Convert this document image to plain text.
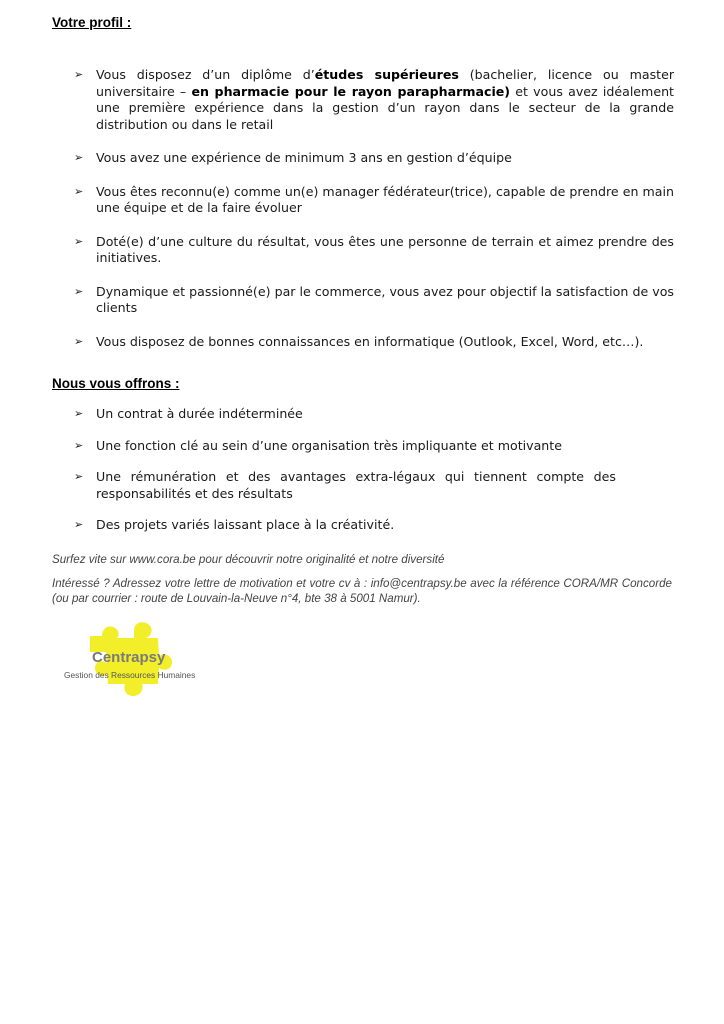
Votre profil :
➢ Vous disposez d’un diplôme d’études supérieures (bachelier, licence ou master universitaire – en pharmacie pour le rayon parapharmacie) et vous avez idéalement une première expérience dans la gestion d’un rayon dans le secteur de la grande distribution ou dans le retail
➢ Vous avez une expérience de minimum 3 ans en gestion d’équipe
➢ Vous êtes reconnu(e) comme un(e) manager fédérateur(trice), capable de prendre en main une équipe et de la faire évoluer
➢ Doté(e) d’une culture du résultat, vous êtes une personne de terrain et aimez prendre des initiatives.
➢ Dynamique et passionné(e) par le commerce, vous avez pour objectif la satisfaction de vos clients
➢ Vous disposez de bonnes connaissances en informatique (Outlook, Excel, Word, etc…).
Nous vous offrons :
➢ Un contrat à durée indéterminée
➢ Une fonction clé au sein d’une organisation très impliquante et motivante
➢ Une rémunération et des avantages extra-légaux qui tiennent compte des responsabilités et des résultats
➢ Des projets variés laissant place à la créativité.
Surfez vite sur www.cora.be pour découvrir notre originalité et notre diversité
Intéressé ? Adressez votre lettre de motivation et votre cv à : info@centrapsy.be avec la référence CORA/MR Concorde (ou par courrier : route de Louvain-la-Neuve n°4, bte 38 à 5001 Namur).
Centrapsy
Gestion des Ressources Humaines
